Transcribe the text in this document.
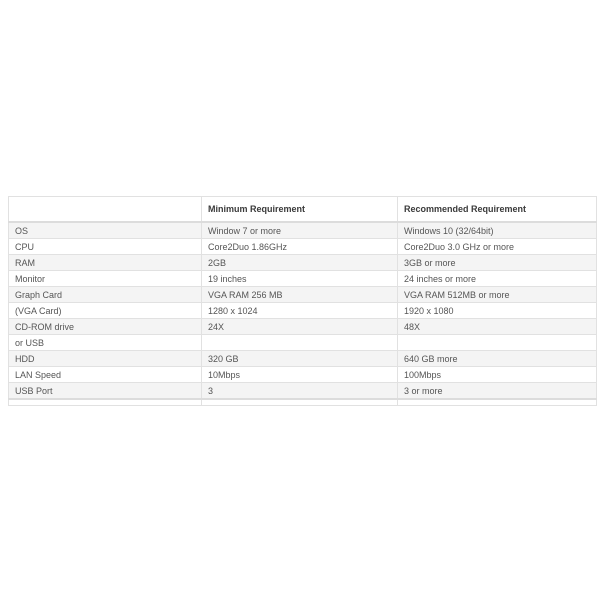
	Minimum Requirement	Recommended Requirement
OS	Window 7 or more	Windows 10 (32/64bit)
CPU	Core2Duo 1.86GHz	Core2Duo 3.0 GHz or more
RAM	2GB	3GB or more
Monitor	19 inches	24 inches or more
Graph Card	VGA RAM 256 MB	VGA RAM 512MB or more
(VGA Card)	1280 x 1024	1920 x 1080
CD-ROM drive	24X	48X
or USB		
HDD	320 GB	640 GB more
LAN Speed	10Mbps	100Mbps
USB Port	3	3 or more
